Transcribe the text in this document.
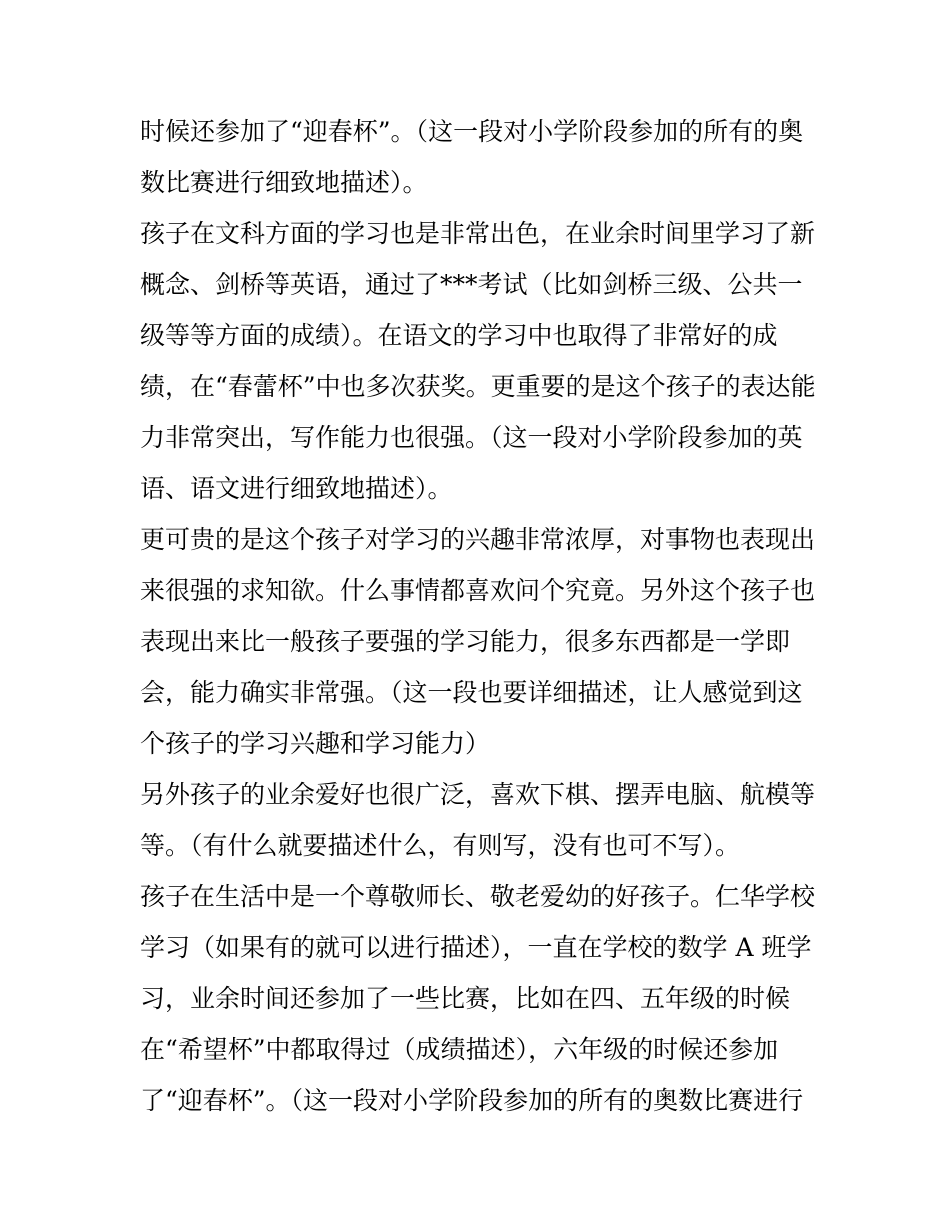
时候还参加了“迎春杯”。（这一段对小学阶段参加的所有的奥
数比赛进行细致地描述）。
孩子在文科方面的学习也是非常出色，在业余时间里学习了新
概念、剑桥等英语，通过了***考试（比如剑桥三级、公共一
级等等方面的成绩）。在语文的学习中也取得了非常好的成
绩，在“春蕾杯”中也多次获奖。更重要的是这个孩子的表达能
力非常突出，写作能力也很强。（这一段对小学阶段参加的英
语、语文进行细致地描述）。
更可贵的是这个孩子对学习的兴趣非常浓厚，对事物也表现出
来很强的求知欲。什么事情都喜欢问个究竟。另外这个孩子也
表现出来比一般孩子要强的学习能力，很多东西都是一学即
会，能力确实非常强。（这一段也要详细描述，让人感觉到这
个孩子的学习兴趣和学习能力）
另外孩子的业余爱好也很广泛，喜欢下棋、摆弄电脑、航模等
等。（有什么就要描述什么，有则写，没有也可不写）。
孩子在生活中是一个尊敬师长、敬老爱幼的好孩子。仁华学校
学习（如果有的就可以进行描述），一直在学校的数学 A 班学
习，业余时间还参加了一些比赛，比如在四、五年级的时候
在“希望杯”中都取得过（成绩描述），六年级的时候还参加
了“迎春杯”。（这一段对小学阶段参加的所有的奥数比赛进行
